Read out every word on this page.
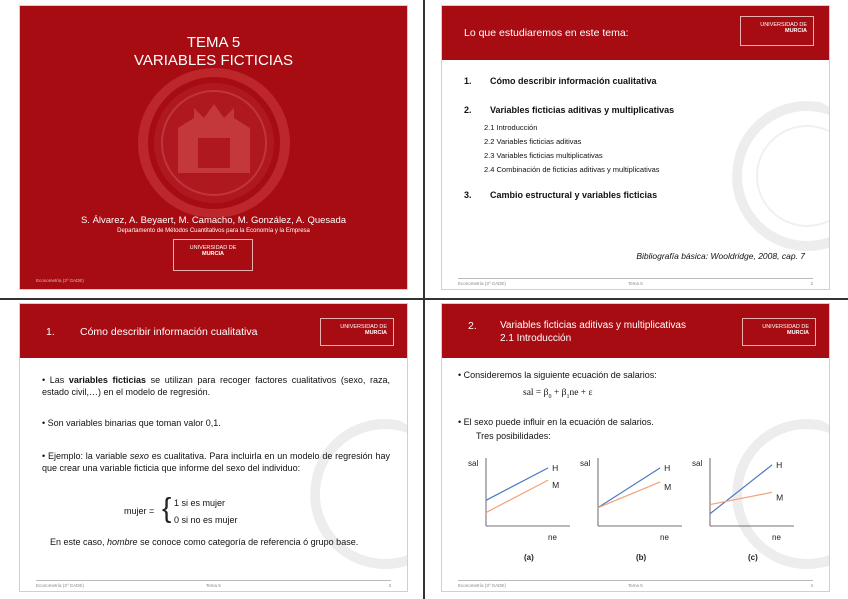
TEMA 5
VARIABLES FICTICIAS
S. Álvarez, A. Beyaert, M. Camacho, M. González, A. Quesada
Departamento de Métodos Cuantitativos para la Economía y la Empresa
UNIVERSIDAD DE
MURCIA
Econometría (3º GADE)
Lo que estudiaremos en este tema:
UNIVERSIDAD DE
MURCIA
1. Cómo describir información cualitativa
2. Variables ficticias aditivas y multiplicativas
2.1 Introducción
2.2 Variables ficticias aditivas
2.3 Variables ficticias multiplicativas
2.4 Combinación de ficticias aditivas y multiplicativas
3. Cambio estructural y variables ficticias
Bibliografía básica: Wooldridge, 2008, cap. 7
Econometría (3º GADE)	Tema 5	2
1. Cómo describir información cualitativa	UNIVERSIDAD DE
MURCIA
• Las variables ficticias se utilizan para recoger factores cualitativos (sexo, raza, estado civil,…) en el modelo de regresión.
• Son variables binarias que toman valor 0,1.
• Ejemplo: la variable sexo es cualitativa. Para incluirla en un modelo de regresión hay que crear una variable ficticia que informe del sexo del individuo:
mujer = { 1 si es mujer
0 si no es mujer
En este caso, hombre se conoce como categoría de referencia ó grupo base.
Econometría (3º GADE)	Tema 5	3
2. Variables ficticias aditivas y multiplicativas
2.1 Introducción
UNIVERSIDAD DE
MURCIA
• Consideremos la siguiente ecuación de salarios:
sal = $\beta_0 + \beta_1ne + \varepsilon$
• El sexo puede influir en la ecuación de salarios.
Tres posibilidades:
sal
ne
(a)
H
M
sal
ne
(b)
H
M
sal
ne
(c)
H
M
Econometría (3º GADE)	Tema 5	4
